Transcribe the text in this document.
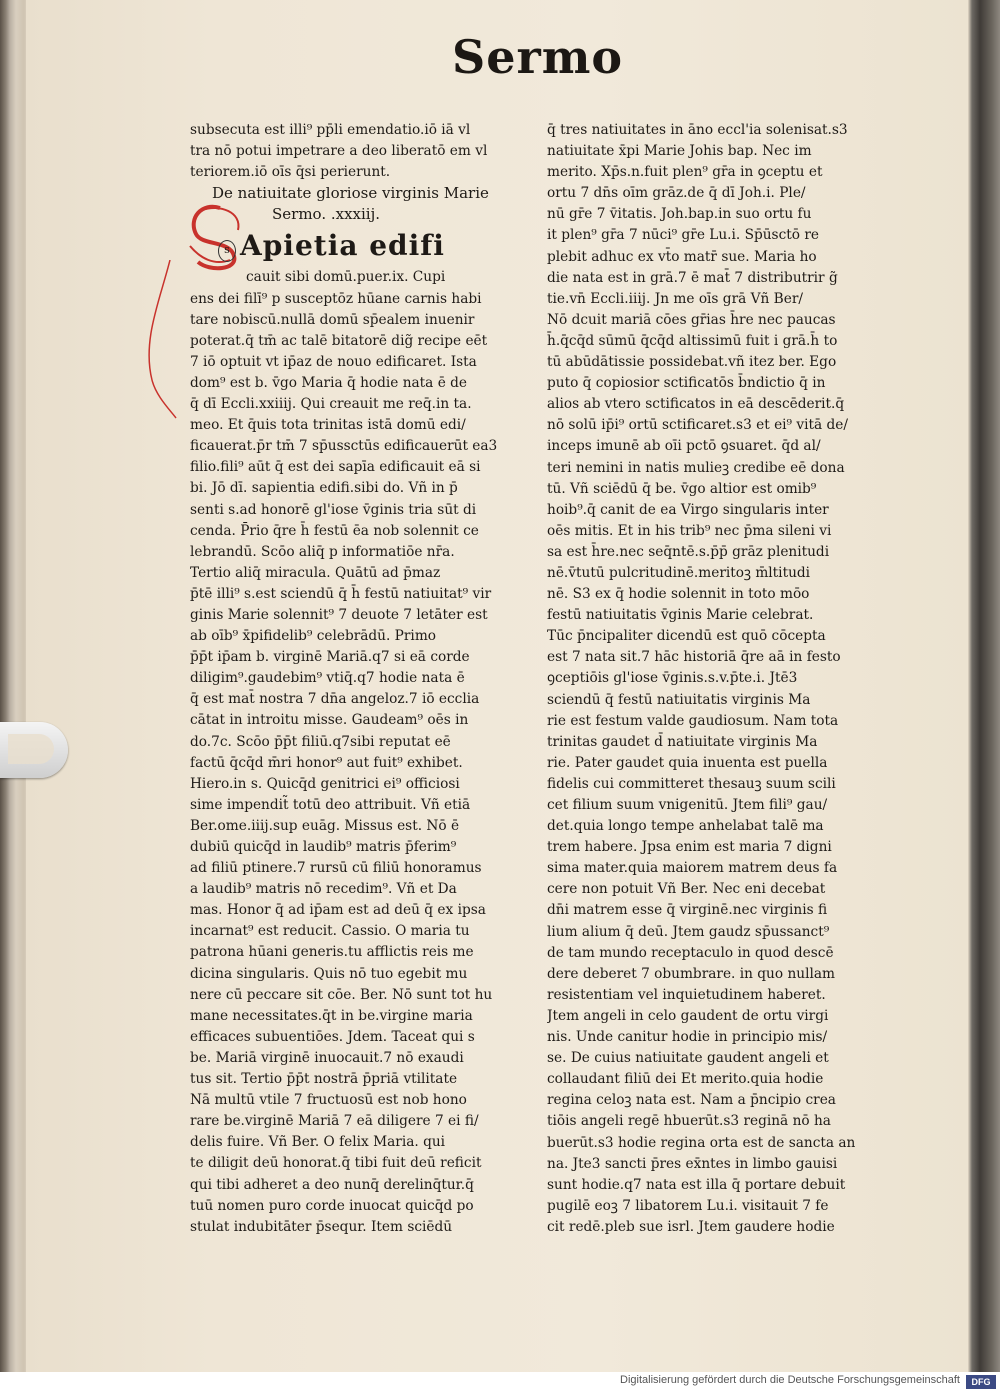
Sermo
s
subsecuta est illi⁹ pp̄li emendatio.iō iā vl
tra nō potui impetrare a deo liberatō em vl
teriorem.iō oīs q̄si perierunt.
De natiuitate gloriose virginis Marie
Sermo. .xxxiij.
Apietia edifi
cauit sibi domū.puer.ix. Cupi
ens dei filī⁹ p susceptōz hūane carnis habi
tare nobiscū.nullā domū sp̄ealem inuenir
poterat.q̄ tm̄ ac talē bitatorē dig̃ recipe eēt
7 iō optuit vt ip̄az de nouo edificaret. Ista
dom⁹ est b. v̄go Maria q̄ hodie nata ē de
q̄ dī Eccli.xxiiij. Qui creauit me req̄.in ta.
meo. Et q̄uis tota trinitas istā domū edi/
ficauerat.p̄r tm̄ 7 sp̄ussctūs edificauerūt ea3
filio.fili⁹ aūt q̄ est dei sapīa edificauit eā si
bi. Jō dī. sapientia edifi.sibi do. Vñ in p̄
senti s.ad honorē gl'iose v̄ginis tria sūt di
cenda. P̄rio q̄re h̄ festū ēa nob solennit ce
lebrandū. Scōo aliq̄ p informatiōe nr̄a.
Tertio aliq̄ miracula. Quātū ad p̄maz
p̄tē illi⁹ s.est sciendū q̄ h̄ festū natiuitat⁹ vir
ginis Marie solennit⁹ 7 deuote 7 letāter est
ab oīb⁹ x̄pifidelib⁹ celebrādū. Primo
p̄p̄t ip̄am b. virginē Mariā.q7 si eā corde
diligim⁹.gaudebim⁹ vtiq̄.q7 hodie nata ē
q̄ est mat̄ nostra 7 dn̄a angeloz.7 iō ecclia
cātat in introitu misse. Gaudeam⁹ oēs in
do.7c. Scōo p̄p̄t filiū.q7sibi reputat eē
factū q̄cq̄d m̄ri honor⁹ aut fuit⁹ exhibet.
Hiero.in s. Quicq̄d genitrici ei⁹ officiosi
sime impendit̃ totū deo attribuit. Vñ etiā
Ber.ome.iiij.sup euāg. Missus est. Nō ē
dubiū quicq̄d in laudib⁹ matris p̄ferim⁹
ad filiū ptinere.7 rursū cū filiū honoramus
a laudib⁹ matris nō recedim⁹. Vñ et Da
mas. Honor q̄ ad ip̄am est ad deū q̄ ex ipsa
incarnat⁹ est reducit. Cassio. O maria tu
patrona hūani generis.tu afflictis reis me
dicina singularis. Quis nō tuo egebit mu
nere cū peccare sit cōe. Ber. Nō sunt tot hu
mane necessitates.q̄t in be.virgine maria
efficaces subuentiōes. Jdem. Taceat qui s
be. Mariā virginē inuocauit.7 nō exaudi
tus sit. Tertio p̄p̄t nostrā p̄priā vtilitate
Nā multū vtile 7 fructuosū est nob hono
rare be.virginē Mariā 7 eā diligere 7 ei fi/
delis fuire. Vñ Ber. O felix Maria. qui
te diligit deū honorat.q̄ tibi fuit deū reficit
qui tibi adheret a deo nunq̄ derelinq̄tur.q̄
tuū nomen puro corde inuocat quicq̄d po
stulat indubitāter p̄sequr. Item sciēdū
q̄ tres natiuitates in āno eccl'ia solenisat.s3
natiuitate x̄pi Marie Johis bap. Nec im
merito. Xp̄s.n.fuit plen⁹ gr̄a in ꝯceptu et
ortu 7 dn̄s oīm grāz.de q̄ dī Joh.i. Ple/
nū gr̄e 7 v̄itatis. Joh.bap.in suo ortu fu
it plen⁹ gr̄a 7 nūci⁹ gr̄e Lu.i. Sp̄ūsctō re
plebit adhuc ex vt̄o matr̄ sue. Maria ho
die nata est in grā.7 ē mat̄ 7 distributrir g̃
tie.vn̄ Eccli.iiij. Jn me oīs grā Vñ Ber/
Nō dcuit mariā cōes gr̄ias h̄re nec paucas
h̄.q̄cq̄d sūmū q̄cq̄d altissimū fuit i grā.h̄ to
tū abūdātissie possidebat.vñ itez ber. Ego
puto q̄ copiosior sctificatōs b̄ndictio q̄ in
alios ab vtero sctificatos in eā descēderit.q̄
nō solū ip̄i⁹ ortū sctificaret.s3 et ei⁹ vitā de/
inceps imunē ab oīi pctō ꝯsuaret. q̄d al/
teri nemini in natis mulieꝫ credibe eē dona
tū. Vñ sciēdū q̄ be. v̄go altior est omib⁹
hoib⁹.q̄ canit de ea Virgo singularis inter
oēs mitis. Et in his trib⁹ nec p̄ma sileni vi
sa est h̄re.nec seq̄ntē.s.p̄p̄ grāz plenitudi
nē.v̄tutū pulcritudinē.meritoꝫ m̄ltitudi
nē. S3 ex q̄ hodie solennit in toto mōo
festū natiuitatis v̄ginis Marie celebrat.
Tūc p̄ncipaliter dicendū est quō cōcepta
est 7 nata sit.7 hāc historiā q̄re aā in festo
ꝯceptiōis gl'iose v̄ginis.s.v.p̄te.i. Jtē3
sciendū q̄ festū natiuitatis virginis Ma
rie est festum valde gaudiosum. Nam tota
trinitas gaudet d̄ natiuitate virginis Ma
rie. Pater gaudet quia inuenta est puella
fidelis cui committeret thesauꝫ suum scili
cet filium suum vnigenitū. Jtem fili⁹ gau/
det.quia longo tempe anhelabat talē ma
trem habere. Jpsa enim est maria 7 digni
sima mater.quia maiorem matrem deus fa
cere non potuit Vñ Ber. Nec eni decebat
dn̄i matrem esse q̄ virginē.nec virginis fi
lium alium q̄ deū. Jtem gaudz sp̄ussanct⁹
de tam mundo receptaculo in quod descē
dere deberet 7 obumbrare. in quo nullam
resistentiam vel inquietudinem haberet.
Jtem angeli in celo gaudent de ortu virgi
nis. Unde canitur hodie in principio mis/
se. De cuius natiuitate gaudent angeli et
collaudant filiū dei Et merito.quia hodie
regina celoꝫ nata est. Nam a p̄ncipio crea
tiōis angeli regē hbuerūt.s3 reginā nō ha
buerūt.s3 hodie regina orta est de sancta an
na. Jte3 sancti p̄res ex̄ntes in limbo gauisi
sunt hodie.q7 nata est illa q̄ portare debuit
pugilē eoꝫ 7 libatorem Lu.i. visitauit 7 fe
cit redē.pleb sue isrl. Jtem gaudere hodie
Digitalisierung gefördert durch die Deutsche Forschungsgemeinschaft	DFG
